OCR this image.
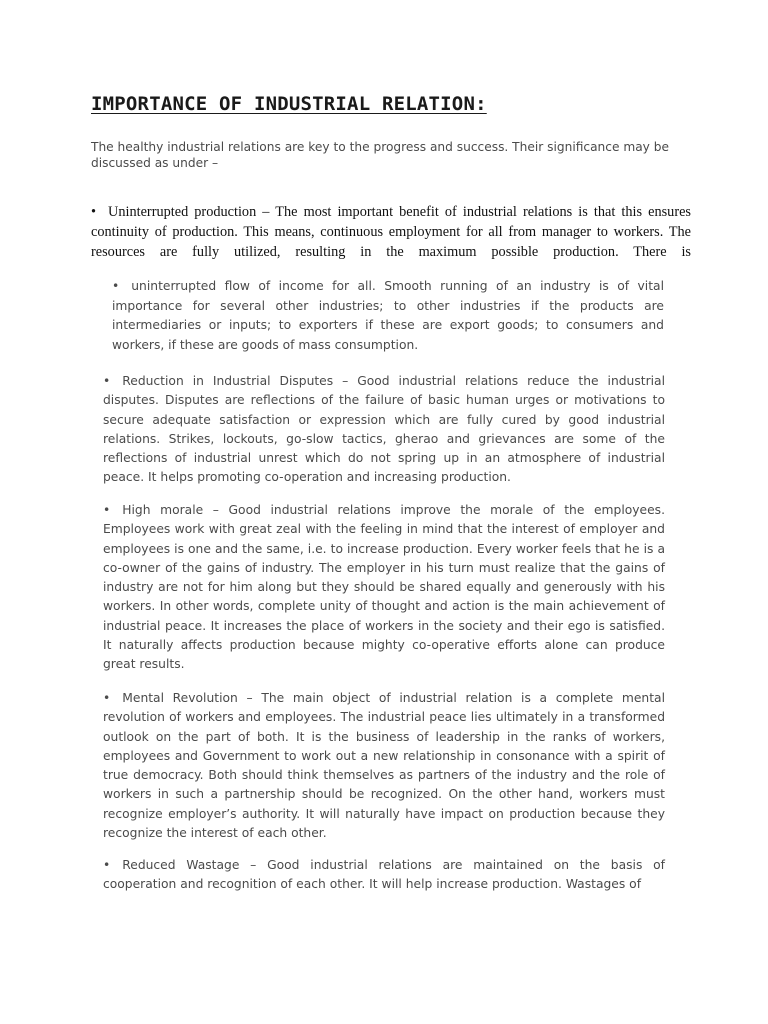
IMPORTANCE OF INDUSTRIAL RELATION:

The healthy industrial relations are key to the progress and success. Their significance may be discussed as under –

• Uninterrupted production – The most important benefit of industrial relations is that this ensures continuity of production. This means, continuous employment for all from manager to workers. The resources are fully utilized, resulting in the maximum possible production. There is

• uninterrupted flow of income for all. Smooth running of an industry is of vital importance for several other industries; to other industries if the products are intermediaries or inputs; to exporters if these are export goods; to consumers and workers, if these are goods of mass consumption.

• Reduction in Industrial Disputes – Good industrial relations reduce the industrial disputes. Disputes are reflections of the failure of basic human urges or motivations to secure adequate satisfaction or expression which are fully cured by good industrial relations. Strikes, lockouts, go-slow tactics, gherao and grievances are some of the reflections of industrial unrest which do not spring up in an atmosphere of industrial peace. It helps promoting co-operation and increasing production.

• High morale – Good industrial relations improve the morale of the employees. Employees work with great zeal with the feeling in mind that the interest of employer and employees is one and the same, i.e. to increase production. Every worker feels that he is a co-owner of the gains of industry. The employer in his turn must realize that the gains of industry are not for him along but they should be shared equally and generously with his workers. In other words, complete unity of thought and action is the main achievement of industrial peace. It increases the place of workers in the society and their ego is satisfied. It naturally affects production because mighty co-operative efforts alone can produce great results.

• Mental Revolution – The main object of industrial relation is a complete mental revolution of workers and employees. The industrial peace lies ultimately in a transformed outlook on the part of both. It is the business of leadership in the ranks of workers, employees and Government to work out a new relationship in consonance with a spirit of true democracy. Both should think themselves as partners of the industry and the role of workers in such a partnership should be recognized. On the other hand, workers must recognize employer’s authority. It will naturally have impact on production because they recognize the interest of each other.

• Reduced Wastage – Good industrial relations are maintained on the basis of cooperation and recognition of each other. It will help increase production. Wastages of
